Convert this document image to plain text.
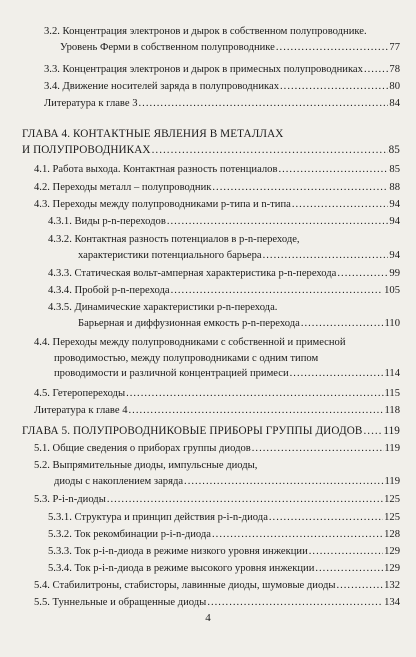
3.2. Концентрация электронов и дырок в собственном полупроводнике.
Уровень Ферми в собственном полупроводнике .....	77
3.3. Концентрация электронов и дырок в примесных полупроводниках ..... 78
3.4. Движение носителей заряда в полупроводниках .....	80
Литература к главе 3 .....	84
ГЛАВА 4. КОНТАКТНЫЕ ЯВЛЕНИЯ В МЕТАЛЛАХ
И ПОЛУПРОВОДНИКАХ .....	85
4.1. Работа выхода. Контактная разность потенциалов .....	85
4.2. Переходы металл – полупроводник .....	88
4.3. Переходы между полупроводниками p-типа и n-типа .....	94
4.3.1. Виды p-n-переходов .....	94
4.3.2. Контактная разность потенциалов в p-n-переходе,
характеристики потенциального барьера .....	94
4.3.3. Статическая вольт-амперная характеристика p-n-перехода .....	99
4.3.4. Пробой p-n-перехода .....	105
4.3.5. Динамические характеристики p-n-перехода.
Барьерная и диффузионная емкость p-n-перехода .....	110
4.4. Переходы между полупроводниками с собственной и примесной
проводимостью, между полупроводниками с одним типом
проводимости и различной концентрацией примеси .....	114
4.5. Гетеропереходы .....	115
Литература к главе 4 .....	118
ГЛАВА 5. ПОЛУПРОВОДНИКОВЫЕ ПРИБОРЫ ГРУППЫ ДИОДОВ ..... 119
5.1. Общие сведения о приборах группы диодов .....	119
5.2. Выпрямительные диоды, импульсные диоды,
диоды с накоплением заряда .....	119
5.3. P-i-n-диоды .....	125
5.3.1. Структура и принцип действия p-i-n-диода .....	125
5.3.2. Ток рекомбинации p-i-n-диода .....	128
5.3.3. Ток p-i-n-диода в режиме низкого уровня инжекции .....	129
5.3.4. Ток p-i-n-диода в режиме высокого уровня инжекции .....	129
5.4. Стабилитроны, стабисторы, лавинные диоды, шумовые диоды .....	132
5.5. Туннельные и обращенные диоды .....	134
4
